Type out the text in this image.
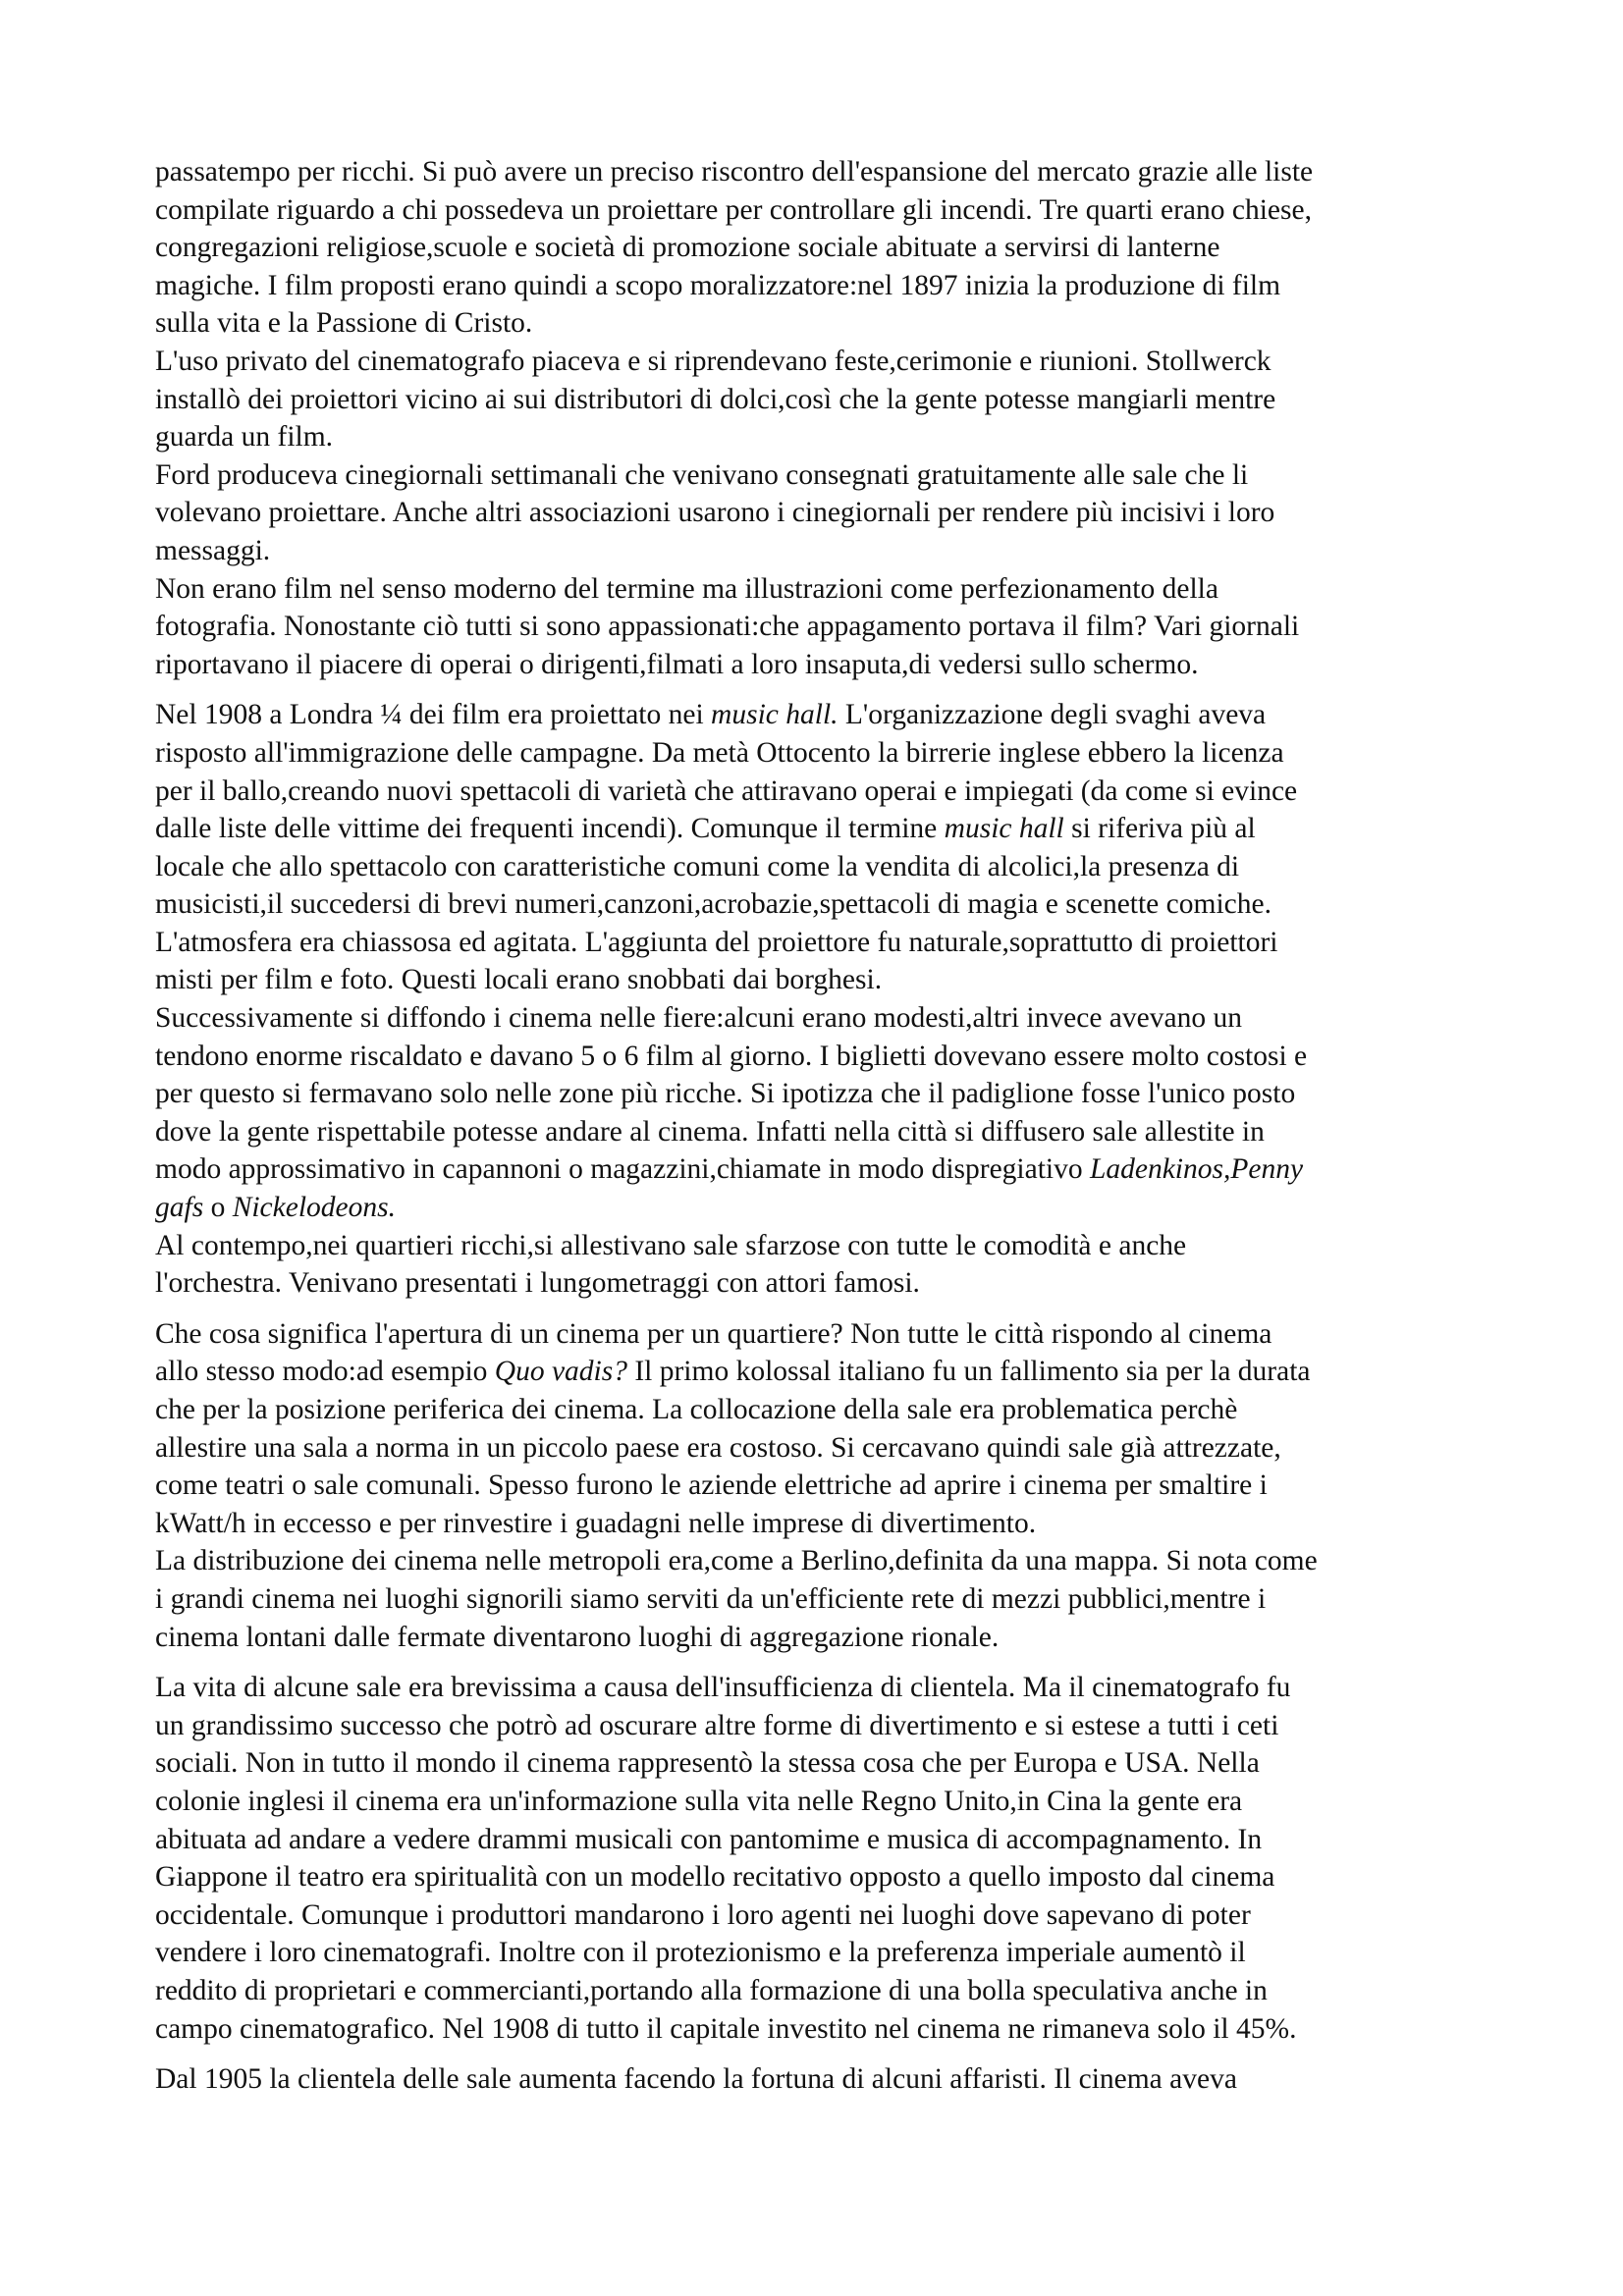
passatempo per ricchi. Si può avere un preciso riscontro dell'espansione del mercato grazie alle liste
compilate riguardo a chi possedeva un proiettare per controllare gli incendi. Tre quarti erano chiese,
congregazioni religiose,scuole e società di promozione sociale abituate a servirsi di lanterne
magiche. I film proposti erano quindi a scopo moralizzatore:nel 1897 inizia la produzione di film
sulla vita e la Passione di Cristo.
L'uso privato del cinematografo piaceva e si riprendevano feste,cerimonie e riunioni. Stollwerck
installò dei proiettori vicino ai sui distributori di dolci,così che la gente potesse mangiarli mentre
guarda un film.
Ford produceva cinegiornali settimanali che venivano consegnati gratuitamente alle sale che li
volevano proiettare. Anche altri associazioni usarono i cinegiornali per rendere più incisivi i loro
messaggi.
Non erano film nel senso moderno del termine ma illustrazioni come perfezionamento della
fotografia. Nonostante ciò tutti si sono appassionati:che appagamento portava il film? Vari giornali
riportavano il piacere di operai o dirigenti,filmati a loro insaputa,di vedersi sullo schermo.
Nel 1908 a Londra ¼ dei film era proiettato nei music hall. L'organizzazione degli svaghi aveva
risposto all'immigrazione delle campagne. Da metà Ottocento la birrerie inglese ebbero la licenza
per il ballo,creando nuovi spettacoli di varietà che attiravano operai e impiegati (da come si evince
dalle liste delle vittime dei frequenti incendi). Comunque il termine music hall si riferiva più al
locale che allo spettacolo con caratteristiche comuni come la vendita di alcolici,la presenza di
musicisti,il succedersi di brevi numeri,canzoni,acrobazie,spettacoli di magia e scenette comiche.
L'atmosfera era chiassosa ed agitata. L'aggiunta del proiettore fu naturale,soprattutto di proiettori
misti per film e foto. Questi locali erano snobbati dai borghesi.
Successivamente si diffondo i cinema nelle fiere:alcuni erano modesti,altri invece avevano un
tendono enorme riscaldato e davano 5 o 6 film al giorno. I biglietti dovevano essere molto costosi e
per questo si fermavano solo nelle zone più ricche. Si ipotizza che il padiglione fosse l'unico posto
dove la gente rispettabile potesse andare al cinema. Infatti nella città si diffusero sale allestite in
modo approssimativo in capannoni o magazzini,chiamate in modo dispregiativo Ladenkinos,Penny
gafs o Nickelodeons.
Al contempo,nei quartieri ricchi,si allestivano sale sfarzose con tutte le comodità e anche
l'orchestra. Venivano presentati i lungometraggi con attori famosi.
Che cosa significa l'apertura di un cinema per un quartiere? Non tutte le città rispondo al cinema
allo stesso modo:ad esempio Quo vadis? Il primo kolossal italiano fu un fallimento sia per la durata
che per la posizione periferica dei cinema. La collocazione della sale era problematica perchè
allestire una sala a norma in un piccolo paese era costoso. Si cercavano quindi sale già attrezzate,
come teatri o sale comunali. Spesso furono le aziende elettriche ad aprire i cinema per smaltire i
kWatt/h in eccesso e per rinvestire i guadagni nelle imprese di divertimento.
La distribuzione dei cinema nelle metropoli era,come a Berlino,definita da una mappa. Si nota come
i grandi cinema nei luoghi signorili siamo serviti da un'efficiente rete di mezzi pubblici,mentre i
cinema lontani dalle fermate diventarono luoghi di aggregazione rionale.
La vita di alcune sale era brevissima a causa dell'insufficienza di clientela. Ma il cinematografo fu
un grandissimo successo che potrò ad oscurare altre forme di divertimento e si estese a tutti i ceti
sociali. Non in tutto il mondo il cinema rappresentò la stessa cosa che per Europa e USA. Nella
colonie inglesi il cinema era un'informazione sulla vita nelle Regno Unito,in Cina la gente era
abituata ad andare a vedere drammi musicali con pantomime e musica di accompagnamento. In
Giappone il teatro era spiritualità con un modello recitativo opposto a quello imposto dal cinema
occidentale. Comunque i produttori mandarono i loro agenti nei luoghi dove sapevano di poter
vendere i loro cinematografi. Inoltre con il protezionismo e la preferenza imperiale aumentò il
reddito di proprietari e commercianti,portando alla formazione di una bolla speculativa anche in
campo cinematografico. Nel 1908 di tutto il capitale investito nel cinema ne rimaneva solo il 45%.
Dal 1905 la clientela delle sale aumenta facendo la fortuna di alcuni affaristi. Il cinema aveva
